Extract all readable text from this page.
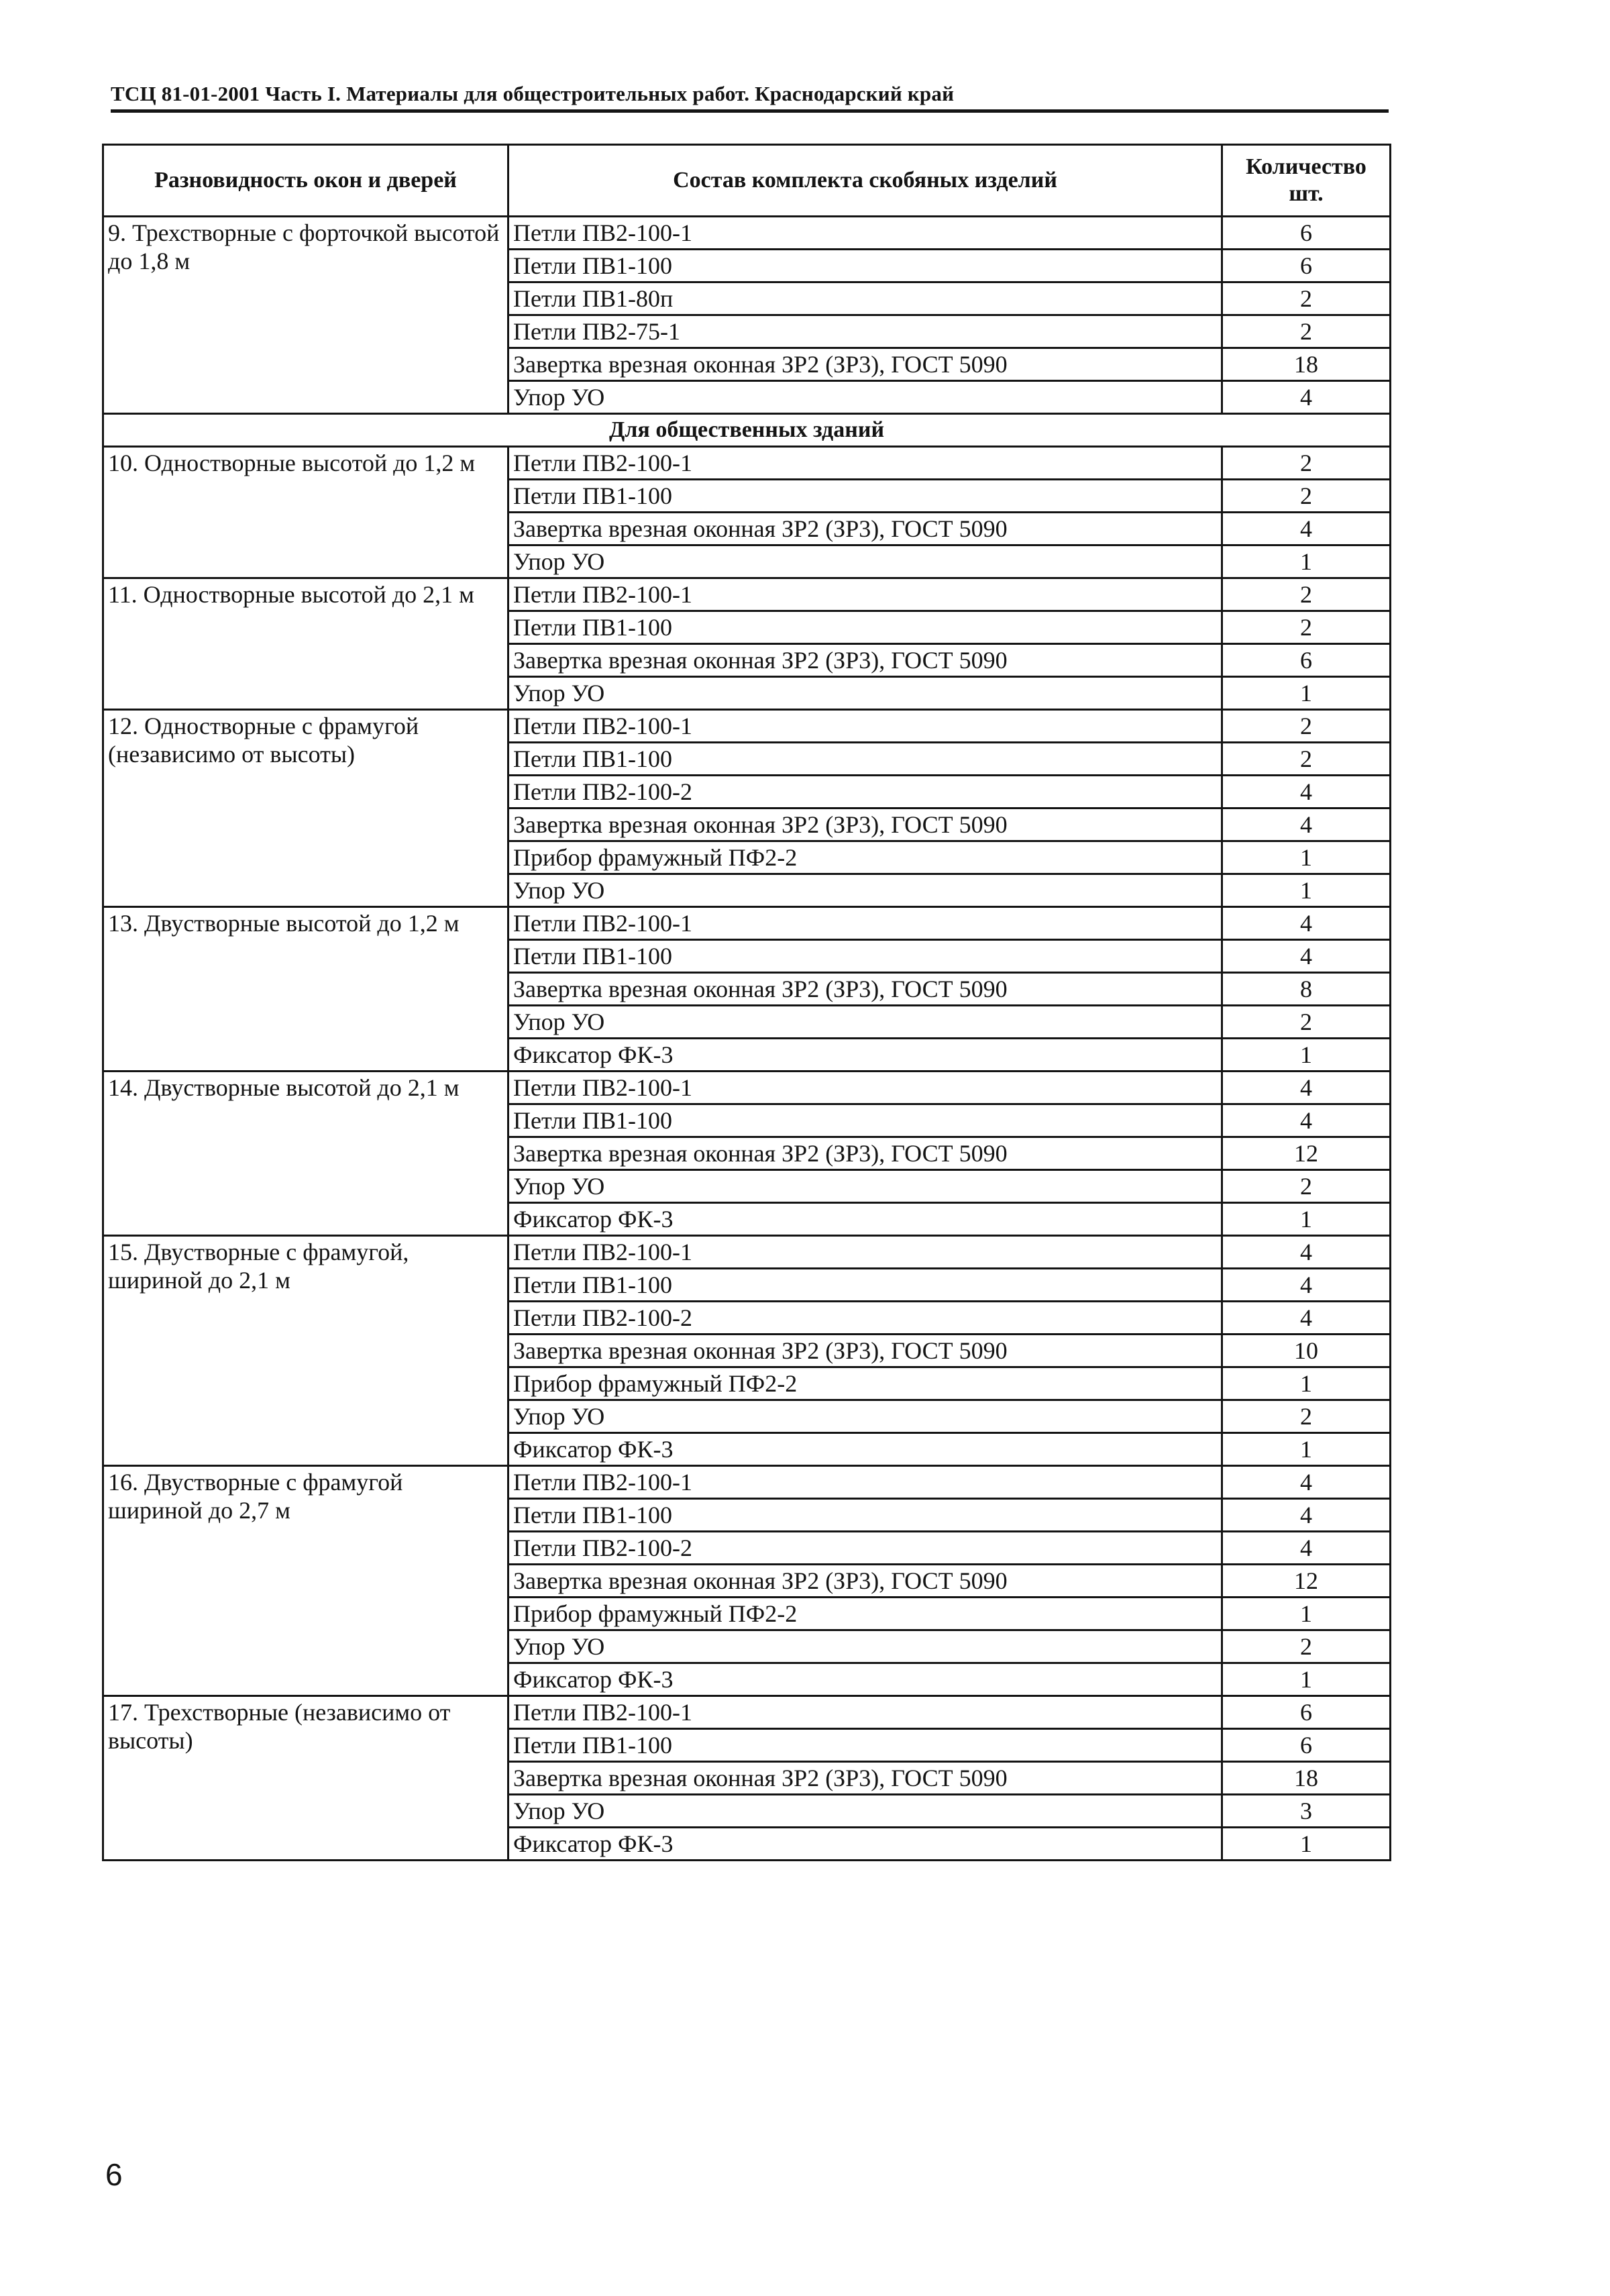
ТСЦ 81-01-2001 Часть I. Материалы для общестроительных работ. Краснодарский край
Разновидность окон и дверей	Состав комплекта скобяных изделий	Количество шт.
9. Трехстворные с форточкой высотой до 1,8 м	Петли ПВ2-100-1	6
	Петли ПВ1-100	6
	Петли ПВ1-80п	2
	Петли ПВ2-75-1	2
	Завертка врезная оконная ЗР2 (ЗР3), ГОСТ 5090	18
	Упор УО	4
Для общественных зданий		
10. Одностворные высотой до 1,2 м	Петли ПВ2-100-1	2
	Петли ПВ1-100	2
	Завертка врезная оконная ЗР2 (ЗР3), ГОСТ 5090	4
	Упор УО	1
11. Одностворные высотой до 2,1 м	Петли ПВ2-100-1	2
	Петли ПВ1-100	2
	Завертка врезная оконная ЗР2 (ЗР3), ГОСТ 5090	6
	Упор УО	1
12. Одностворные с фрамугой (независимо от высоты)	Петли ПВ2-100-1	2
	Петли ПВ1-100	2
	Петли ПВ2-100-2	4
	Завертка врезная оконная ЗР2 (ЗР3), ГОСТ 5090	4
	Прибор фрамужный ПФ2-2	1
	Упор УО	1
13. Двустворные высотой до 1,2 м	Петли ПВ2-100-1	4
	Петли ПВ1-100	4
	Завертка врезная оконная ЗР2 (ЗР3), ГОСТ 5090	8
	Упор УО	2
	Фиксатор ФК-3	1
14. Двустворные высотой до 2,1 м	Петли ПВ2-100-1	4
	Петли ПВ1-100	4
	Завертка врезная оконная ЗР2 (ЗР3), ГОСТ 5090	12
	Упор УО	2
	Фиксатор ФК-3	1
15. Двустворные с фрамугой, шириной до 2,1 м	Петли ПВ2-100-1	4
	Петли ПВ1-100	4
	Петли ПВ2-100-2	4
	Завертка врезная оконная ЗР2 (ЗР3), ГОСТ 5090	10
	Прибор фрамужный ПФ2-2	1
	Упор УО	2
	Фиксатор ФК-3	1
16. Двустворные с фрамугой шириной до 2,7 м	Петли ПВ2-100-1	4
	Петли ПВ1-100	4
	Петли ПВ2-100-2	4
	Завертка врезная оконная ЗР2 (ЗР3), ГОСТ 5090	12
	Прибор фрамужный ПФ2-2	1
	Упор УО	2
	Фиксатор ФК-3	1
17. Трехстворные (независимо от высоты)	Петли ПВ2-100-1	6
	Петли ПВ1-100	6
	Завертка врезная оконная ЗР2 (ЗР3), ГОСТ 5090	18
	Упор УО	3
	Фиксатор ФК-3	1
6
